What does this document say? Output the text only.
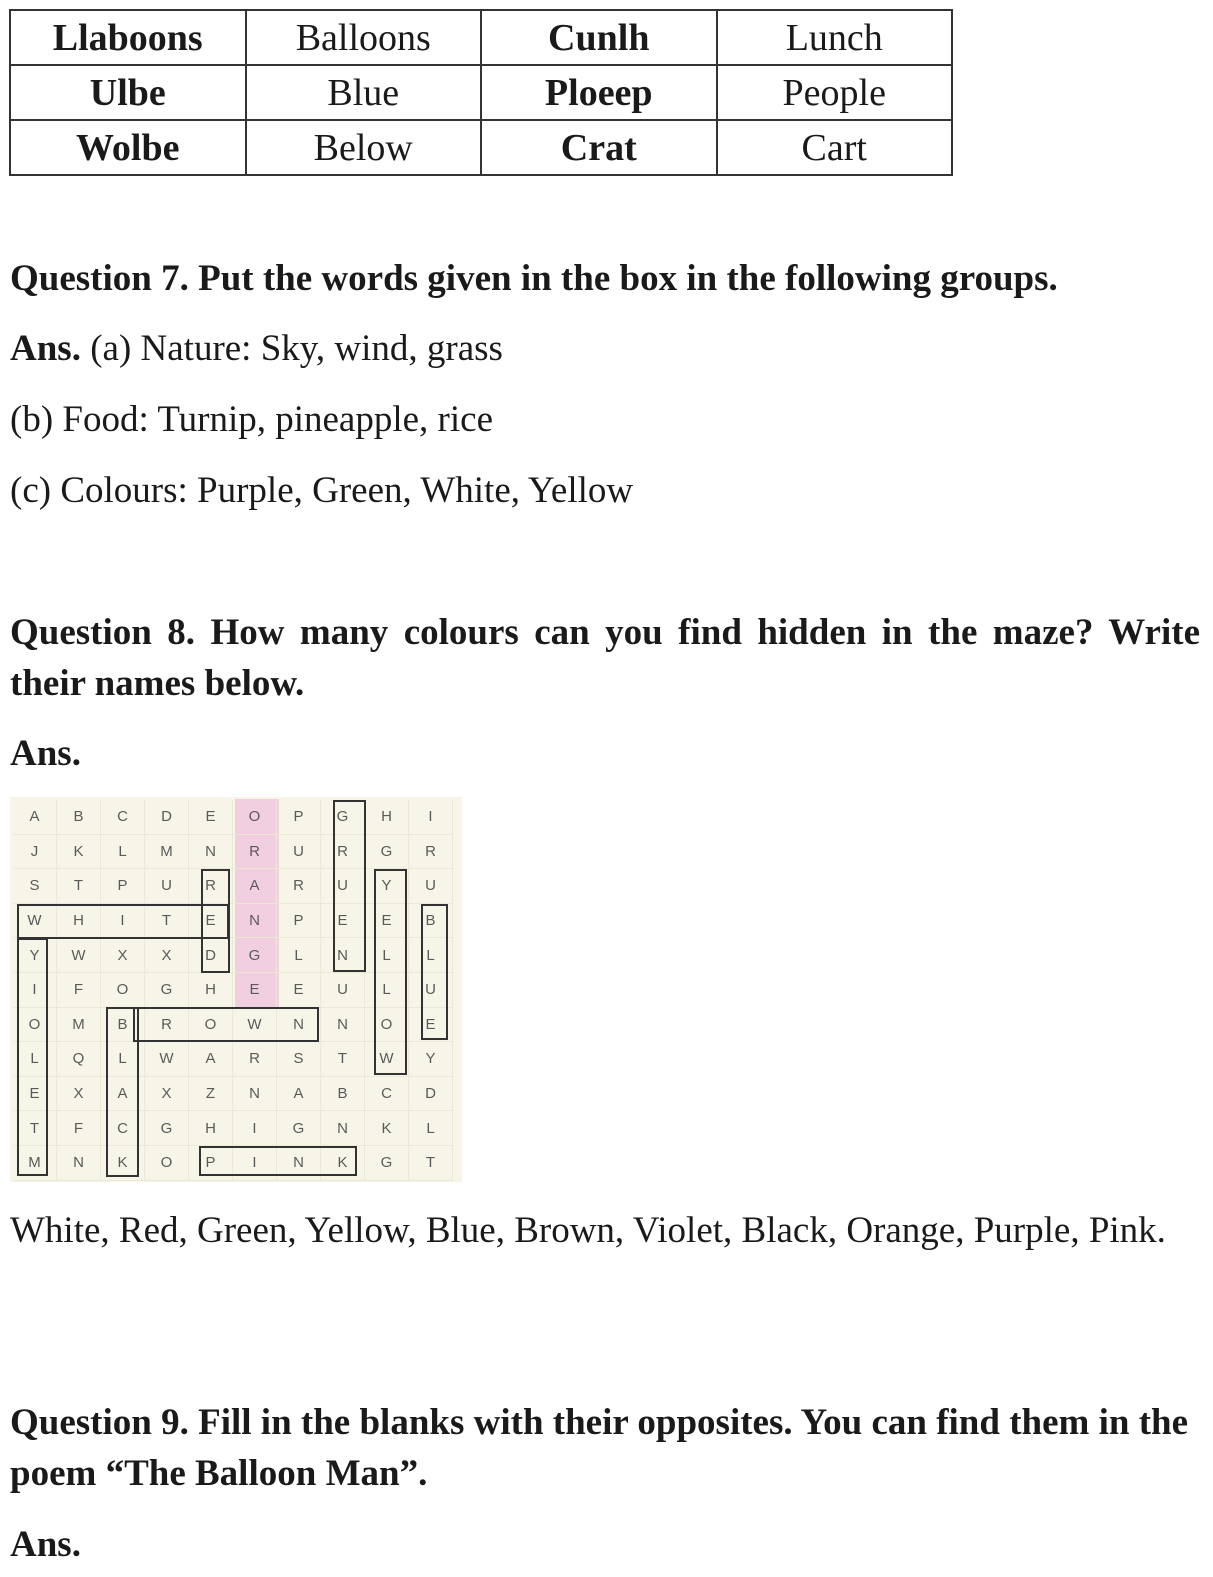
Llaboons	Balloons	Cunlh	Lunch
Ulbe	Blue	Ploeep	People
Wolbe	Below	Crat	Cart

Question 7. Put the words given in the box in the following groups.

Ans. (a) Nature: Sky, wind, grass

(b) Food: Turnip, pineapple, rice

(c) Colours: Purple, Green, White, Yellow

Question 8. How many colours can you find hidden in the maze? Write their names below.

Ans.

A	B	C	D	E	O	P	G	H	I
J	K	L	M	N	R	U	R	G	R
S	T	P	U	R	A	R	U	Y	U
W	H	I	T	E	N	P	E	E	B
Y	W	X	X	D	G	L	N	L	L
I	F	O	G	H	E	E	U	L	U
O	M	B	R	O	W	N	N	O	E
L	Q	L	W	A	R	S	T	W	Y
E	X	A	X	Z	N	A	B	C	D
T	F	C	G	H	I	G	N	K	L
M	N	K	O	P	I	N	K	G	T

White, Red, Green, Yellow, Blue, Brown, Violet, Black, Orange, Purple, Pink.

Question 9. Fill in the blanks with their opposites. You can find them in the poem “The Balloon Man”.

Ans.
